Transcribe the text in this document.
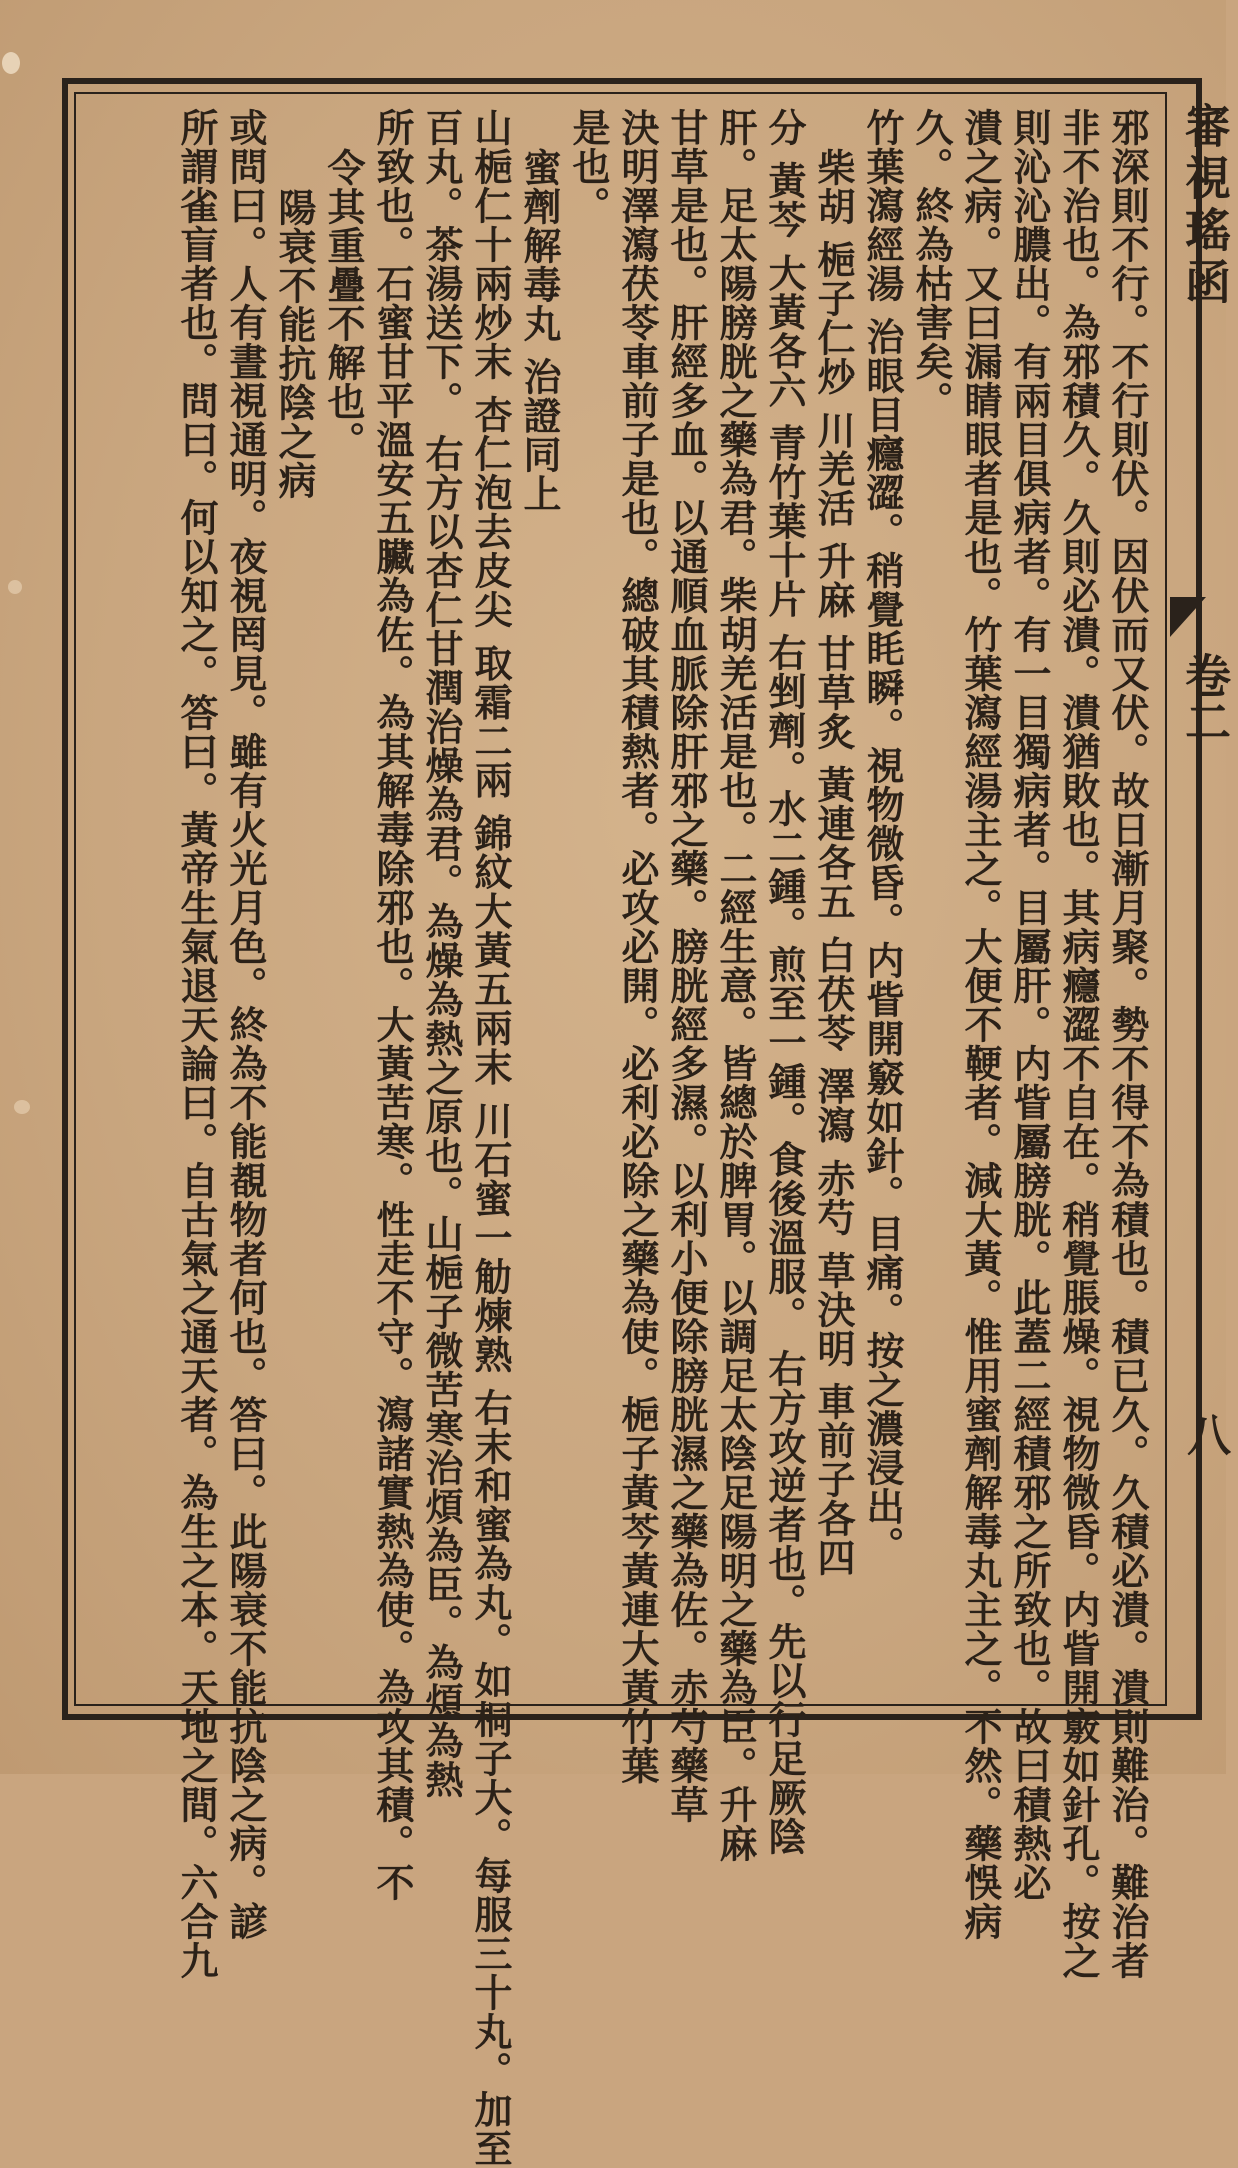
審視瑤函
卷二
八
邪深則不行。不行則伏。因伏而又伏。故日漸月聚。勢不得不為積也。積已久。久積必潰。潰則難治。難治者
非不治也。為邪積久。久則必潰。潰猶敗也。其病癮澀不自在。稍覺脹燥。視物微昏。内眥開竅如針孔。按之
則沁沁膿出。有兩目俱病者。有一目獨病者。目屬肝。内眥屬膀胱。此蓋二經積邪之所致也。故曰積熱必
潰之病。又曰漏睛眼者是也。竹葉瀉經湯主之。大便不鞕者。減大黃。惟用蜜劑解毒丸主之。不然。藥悞病
久。終為枯害矣。
竹葉瀉經湯 治眼目癮澀。稍覺眊瞬。視物微昏。内眥開竅如針。目痛。按之濃浸出。
柴胡 梔子仁炒 川羌活 升麻 甘草炙 黃連各五 白茯苓 澤瀉 赤芍 草決明 車前子各四
分 黃芩 大黃各六 青竹葉十片 右剉劑。水二鍾。煎至一鍾。食後溫服。 右方攻逆者也。先以行足厥陰
肝。足太陽膀胱之藥為君。柴胡羌活是也。二經生意。皆總於脾胃。以調足太陰足陽明之藥為臣。升麻
甘草是也。肝經多血。以通順血脈除肝邪之藥。膀胱經多濕。以利小便除膀胱濕之藥為佐。赤芍藥草
決明澤瀉茯苓車前子是也。總破其積熱者。必攻必開。必利必除之藥為使。梔子黃芩黃連大黃竹葉
是也。
蜜劑解毒丸 治證同上
山梔仁十兩炒末 杏仁泡去皮尖 取霜二兩 錦紋大黃五兩末 川石蜜一觔煉熟 右末和蜜為丸。如桐子大。每服三十丸。加至
百丸。茶湯送下。 右方以杏仁甘潤治燥為君。為燥為熱之原也。山梔子微苦寒治煩為臣。為煩為熱
所致也。石蜜甘平溫安五臟為佐。為其解毒除邪也。大黃苦寒。性走不守。瀉諸實熱為使。為攻其積。不
令其重疊不解也。
陽衰不能抗陰之病
或問曰。人有晝視通明。夜視罔見。雖有火光月色。終為不能覩物者何也。答曰。此陽衰不能抗陰之病。諺
所謂雀盲者也。問曰。何以知之。答曰。黃帝生氣退天論曰。自古氣之通天者。為生之本。天地之間。六合九
